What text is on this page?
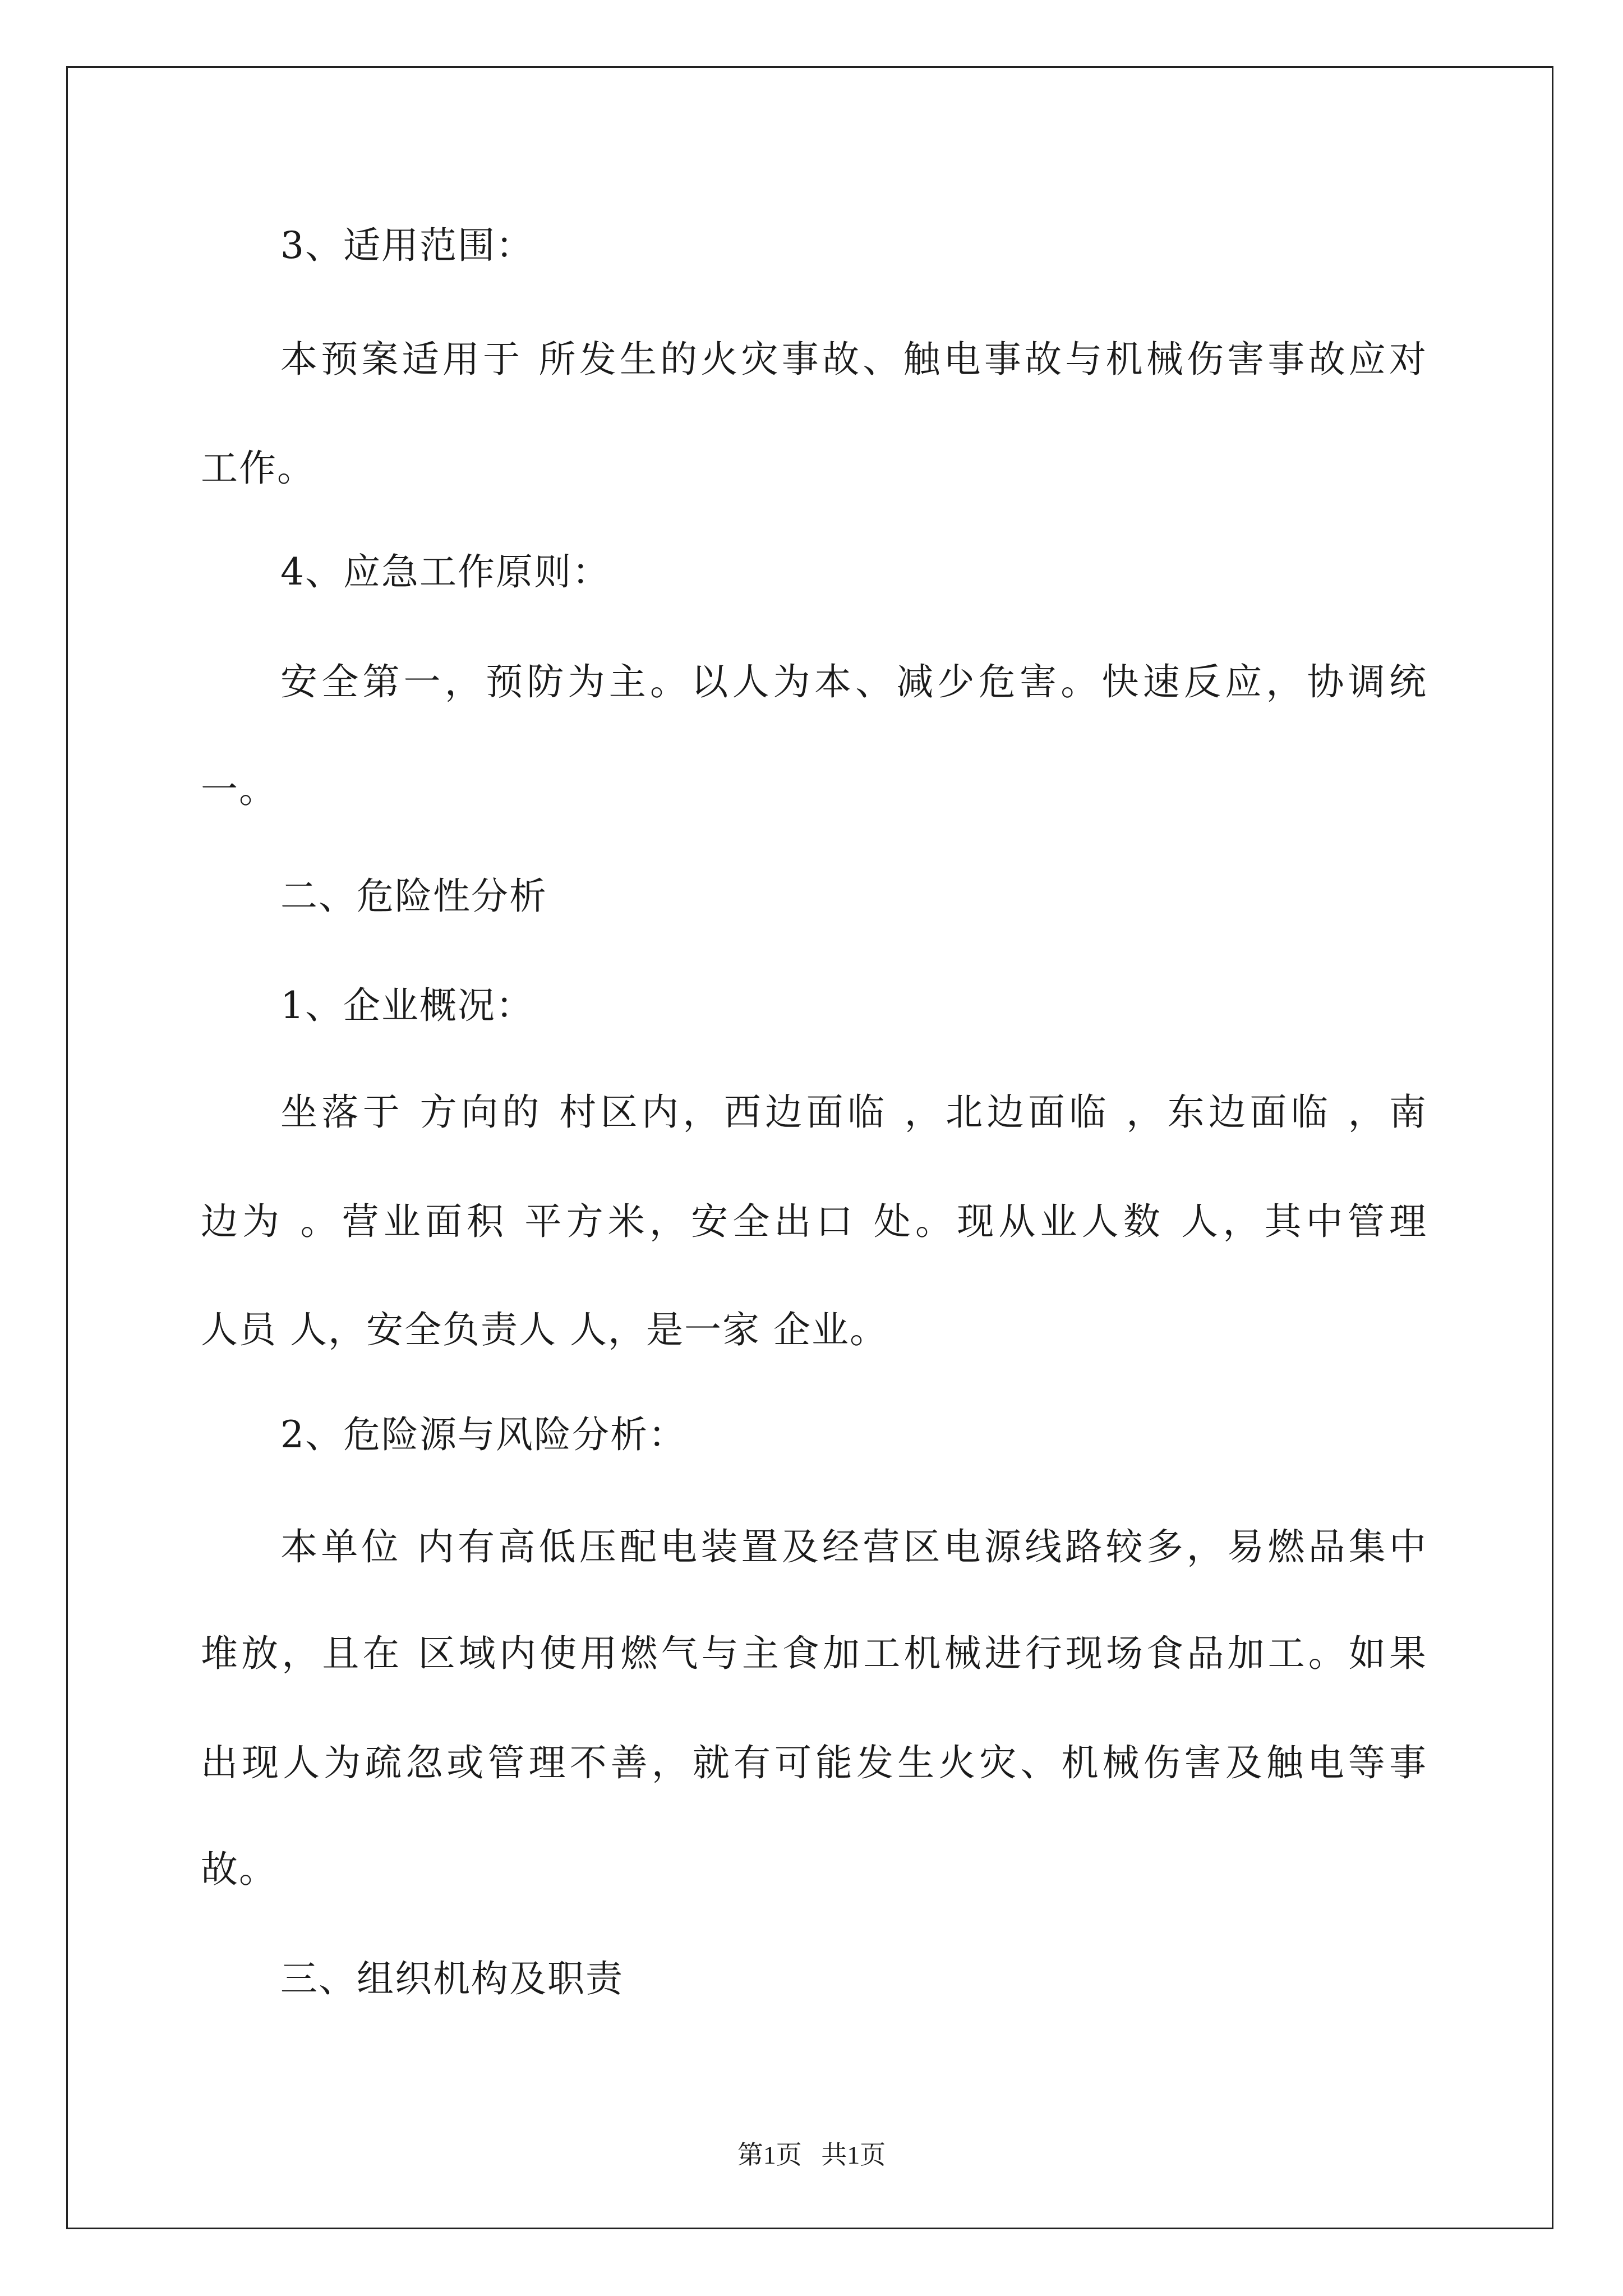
3、适用范围：
本预案适用于 所发生的火灾事故、触电事故与机械伤害事故应对
工作。
4、应急工作原则：
安全第一，预防为主。以人为本、减少危害。快速反应，协调统
一。
二、危险性分析
1、企业概况：
坐落于 方向的 村区内，西边面临 ，北边面临 ，东边面临 ，南
边为 。营业面积 平方米，安全出口 处。现从业人数 人，其中管理
人员 人，安全负责人 人，是一家 企业。
2、危险源与风险分析：
本单位 内有高低压配电装置及经营区电源线路较多，易燃品集中
堆放，且在 区域内使用燃气与主食加工机械进行现场食品加工。如果
出现人为疏忽或管理不善，就有可能发生火灾、机械伤害及触电等事
故。
三、组织机构及职责
第1页   共1页
